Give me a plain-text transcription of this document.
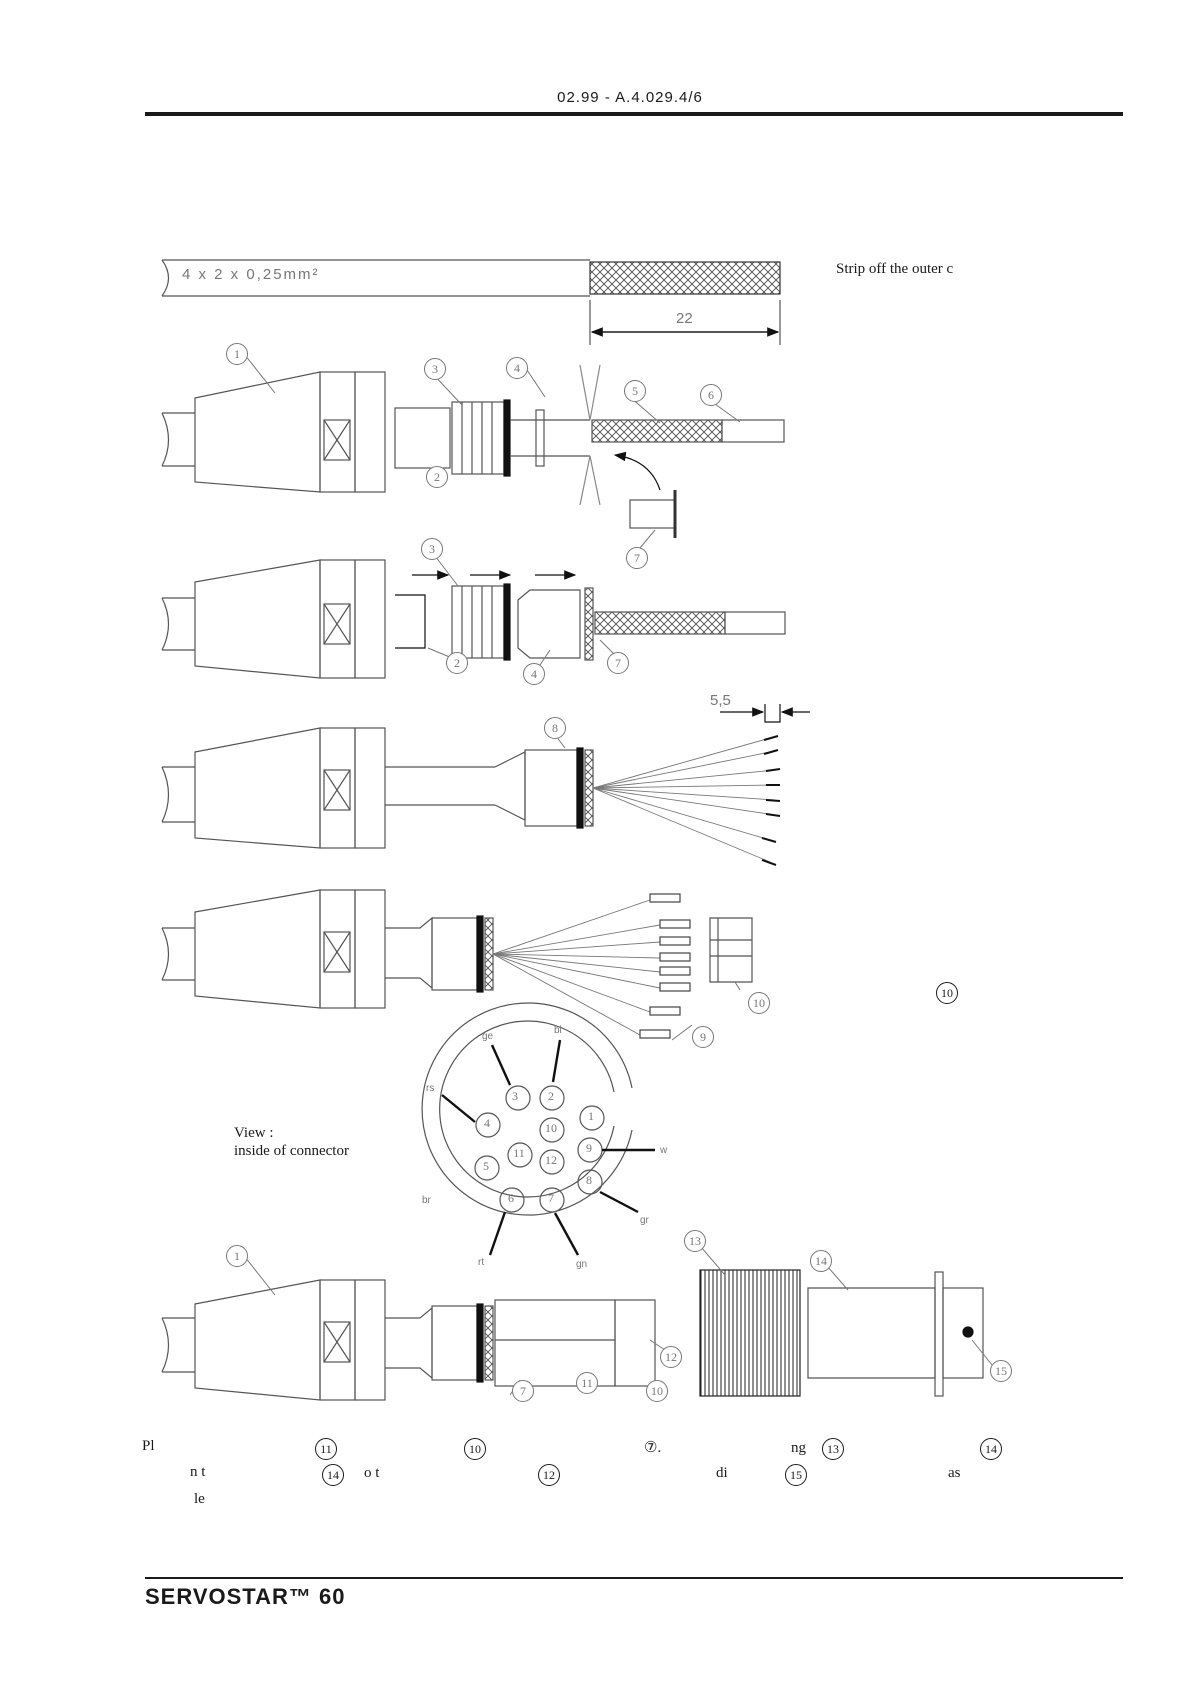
02.99 - A.4.029.4/6
4 x 2 x 0,25mm²
22
5,5
Strip off the outer c
1
2
3	4
5	6
7
3
2
4
7
8
9
10
10
1
13
14
12
15
7
11
10
3	2
1
4	10
9
11
5	12
8
6	7
ge
bl
rs
br
rt	gn
gr
w
View :
inside of connector
Pl	11	10	⑦.	ng	13	14
n t	14	o t	12	di	15	as
le
SERVOSTAR™ 60
